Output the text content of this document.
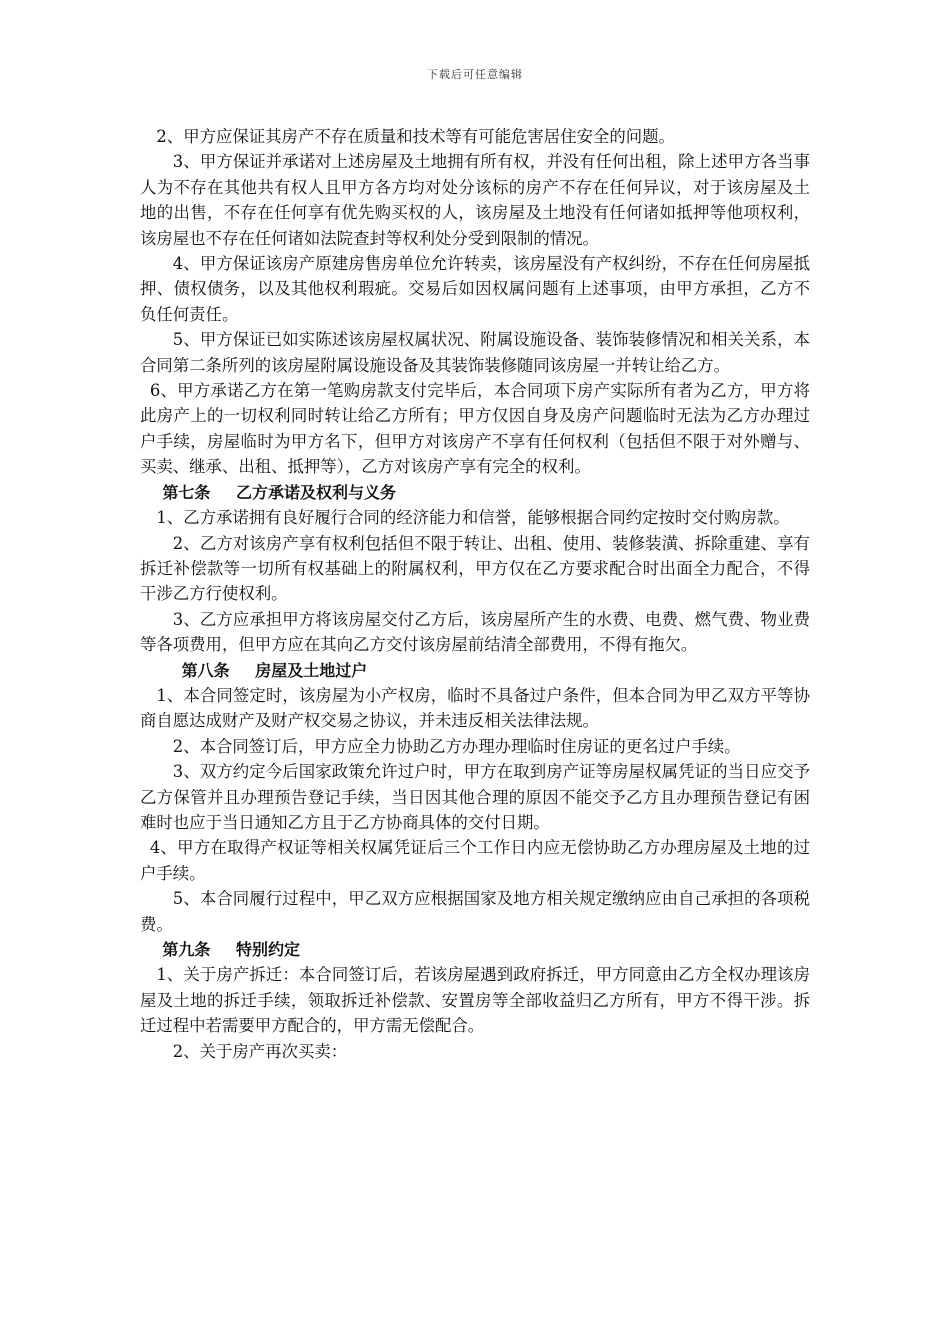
下载后可任意编辑

2、甲方应保证其房产不存在质量和技术等有可能危害居住安全的问题。

3、甲方保证并承诺对上述房屋及土地拥有所有权，并没有任何出租，除上述甲方各当事人为不存在其他共有权人且甲方各方均对处分该标的房产不存在任何异议，对于该房屋及土地的出售，不存在任何享有优先购买权的人，该房屋及土地没有任何诸如抵押等他项权利，该房屋也不存在任何诸如法院查封等权利处分受到限制的情况。

4、甲方保证该房产原建房售房单位允许转卖，该房屋没有产权纠纷，不存在任何房屋抵押、债权债务，以及其他权利瑕疵。交易后如因权属问题有上述事项，由甲方承担，乙方不负任何责任。

5、甲方保证已如实陈述该房屋权属状况、附属设施设备、装饰装修情况和相关关系，本合同第二条所列的该房屋附属设施设备及其装饰装修随同该房屋一并转让给乙方。

6、甲方承诺乙方在第一笔购房款支付完毕后，本合同项下房产实际所有者为乙方，甲方将此房产上的一切权利同时转让给乙方所有；甲方仅因自身及房产问题临时无法为乙方办理过户手续，房屋临时为甲方名下，但甲方对该房产不享有任何权利（包括但不限于对外赠与、买卖、继承、出租、抵押等），乙方对该房产享有完全的权利。

第七条 乙方承诺及权利与义务

1、乙方承诺拥有良好履行合同的经济能力和信誉，能够根据合同约定按时交付购房款。

2、乙方对该房产享有权利包括但不限于转让、出租、使用、装修装潢、拆除重建、享有拆迁补偿款等一切所有权基础上的附属权利，甲方仅在乙方要求配合时出面全力配合，不得干涉乙方行使权利。

3、乙方应承担甲方将该房屋交付乙方后，该房屋所产生的水费、电费、燃气费、物业费等各项费用，但甲方应在其向乙方交付该房屋前结清全部费用，不得有拖欠。

第八条 房屋及土地过户

1、本合同签定时，该房屋为小产权房，临时不具备过户条件，但本合同为甲乙双方平等协商自愿达成财产及财产权交易之协议，并未违反相关法律法规。

2、本合同签订后，甲方应全力协助乙方办理办理临时住房证的更名过户手续。

3、双方约定今后国家政策允许过户时，甲方在取到房产证等房屋权属凭证的当日应交予乙方保管并且办理预告登记手续，当日因其他合理的原因不能交予乙方且办理预告登记有困难时也应于当日通知乙方且于乙方协商具体的交付日期。

4、甲方在取得产权证等相关权属凭证后三个工作日内应无偿协助乙方办理房屋及土地的过户手续。

5、本合同履行过程中，甲乙双方应根据国家及地方相关规定缴纳应由自己承担的各项税费。

第九条 特别约定

1、关于房产拆迁：本合同签订后，若该房屋遇到政府拆迁，甲方同意由乙方全权办理该房屋及土地的拆迁手续，领取拆迁补偿款、安置房等全部收益归乙方所有，甲方不得干涉。拆迁过程中若需要甲方配合的，甲方需无偿配合。

2、关于房产再次买卖：
